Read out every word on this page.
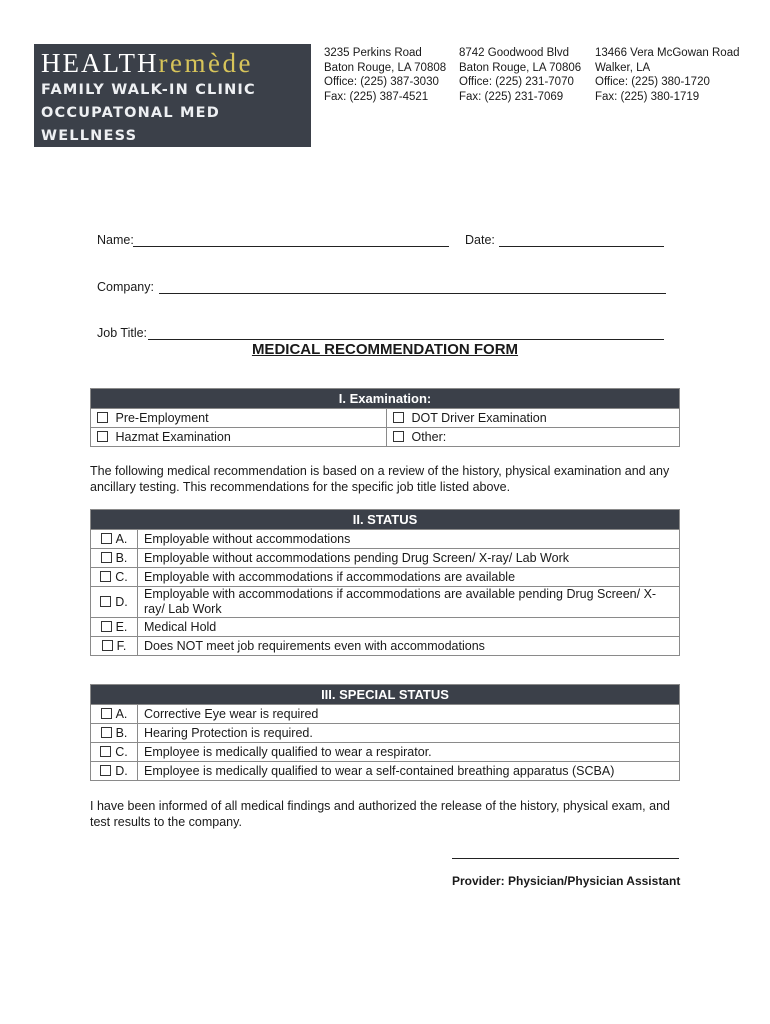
HEALTHremède
FAMILY WALK-IN CLINIC
OCCUPATONAL MED
WELLNESS
3235 Perkins Road
Baton Rouge, LA 70808
Office: (225) 387-3030
Fax: (225) 387-4521
8742 Goodwood Blvd
Baton Rouge, LA 70806
Office: (225) 231-7070
Fax: (225) 231-7069
13466 Vera McGowan Road
Walker, LA
Office: (225) 380-1720
Fax: (225) 380-1719
Name:	Date:
Company:
Job Title:
MEDICAL RECOMMENDATION FORM
I. Examination:	
Pre-Employment	DOT Driver Examination
Hazmat Examination	Other:
The following medical recommendation is based on a review of the history, physical examination and any ancillary testing. This recommendations for the specific job title listed above.
II. STATUS	
A.	Employable without accommodations
B.	Employable without accommodations pending Drug Screen/ X-ray/ Lab Work
C.	Employable with accommodations if accommodations are available
D.	Employable with accommodations if accommodations are available pending Drug Screen/ X-ray/ Lab Work
E.	Medical Hold
F.	Does NOT meet job requirements even with accommodations
III. SPECIAL STATUS	
A.	Corrective Eye wear is required
B.	Hearing Protection is required.
C.	Employee is medically qualified to wear a respirator.
D.	Employee is medically qualified to wear a self-contained breathing apparatus (SCBA)
I have been informed of all medical findings and authorized the release of the history, physical exam, and test results to the company.
Provider: Physician/Physician Assistant
